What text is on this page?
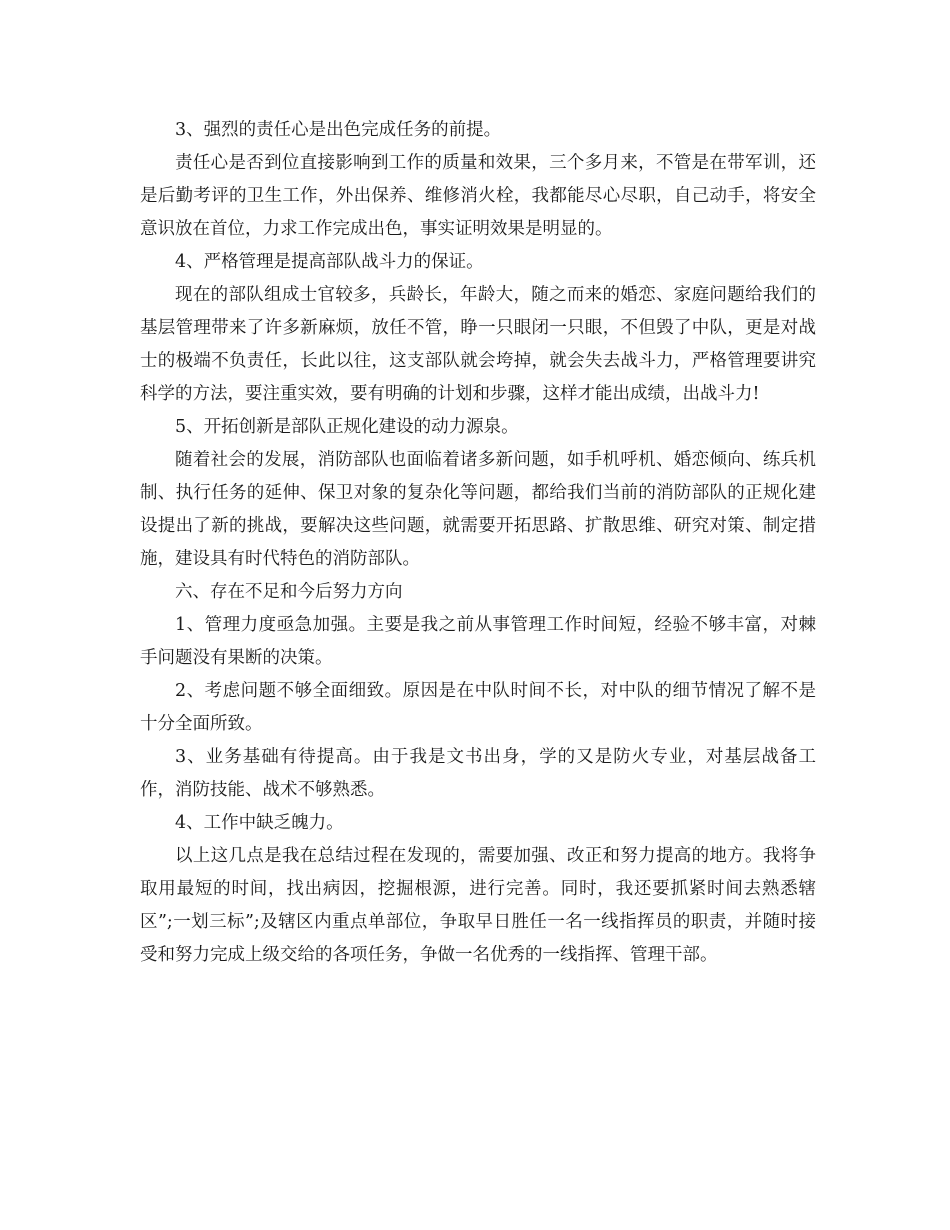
3、强烈的责任心是出色完成任务的前提。

责任心是否到位直接影响到工作的质量和效果，三个多月来，不管是在带军训，还是后勤考评的卫生工作，外出保养、维修消火栓，我都能尽心尽职，自己动手，将安全意识放在首位，力求工作完成出色，事实证明效果是明显的。

4、严格管理是提高部队战斗力的保证。

现在的部队组成士官较多，兵龄长，年龄大，随之而来的婚恋、家庭问题给我们的基层管理带来了许多新麻烦，放任不管，睁一只眼闭一只眼，不但毁了中队，更是对战士的极端不负责任，长此以往，这支部队就会垮掉，就会失去战斗力，严格管理要讲究科学的方法，要注重实效，要有明确的计划和步骤，这样才能出成绩，出战斗力!

5、开拓创新是部队正规化建设的动力源泉。

随着社会的发展，消防部队也面临着诸多新问题，如手机呼机、婚恋倾向、练兵机制、执行任务的延伸、保卫对象的复杂化等问题，都给我们当前的消防部队的正规化建设提出了新的挑战，要解决这些问题，就需要开拓思路、扩散思维、研究对策、制定措施，建设具有时代特色的消防部队。

六、存在不足和今后努力方向

1、管理力度亟急加强。主要是我之前从事管理工作时间短，经验不够丰富，对棘手问题没有果断的决策。

2、考虑问题不够全面细致。原因是在中队时间不长，对中队的细节情况了解不是十分全面所致。

3、业务基础有待提高。由于我是文书出身，学的又是防火专业，对基层战备工作，消防技能、战术不够熟悉。

4、工作中缺乏魄力。

以上这几点是我在总结过程在发现的，需要加强、改正和努力提高的地方。我将争取用最短的时间，找出病因，挖掘根源，进行完善。同时，我还要抓紧时间去熟悉辖区”;一划三标”;及辖区内重点单部位，争取早日胜任一名一线指挥员的职责，并随时接受和努力完成上级交给的各项任务，争做一名优秀的一线指挥、管理干部。
